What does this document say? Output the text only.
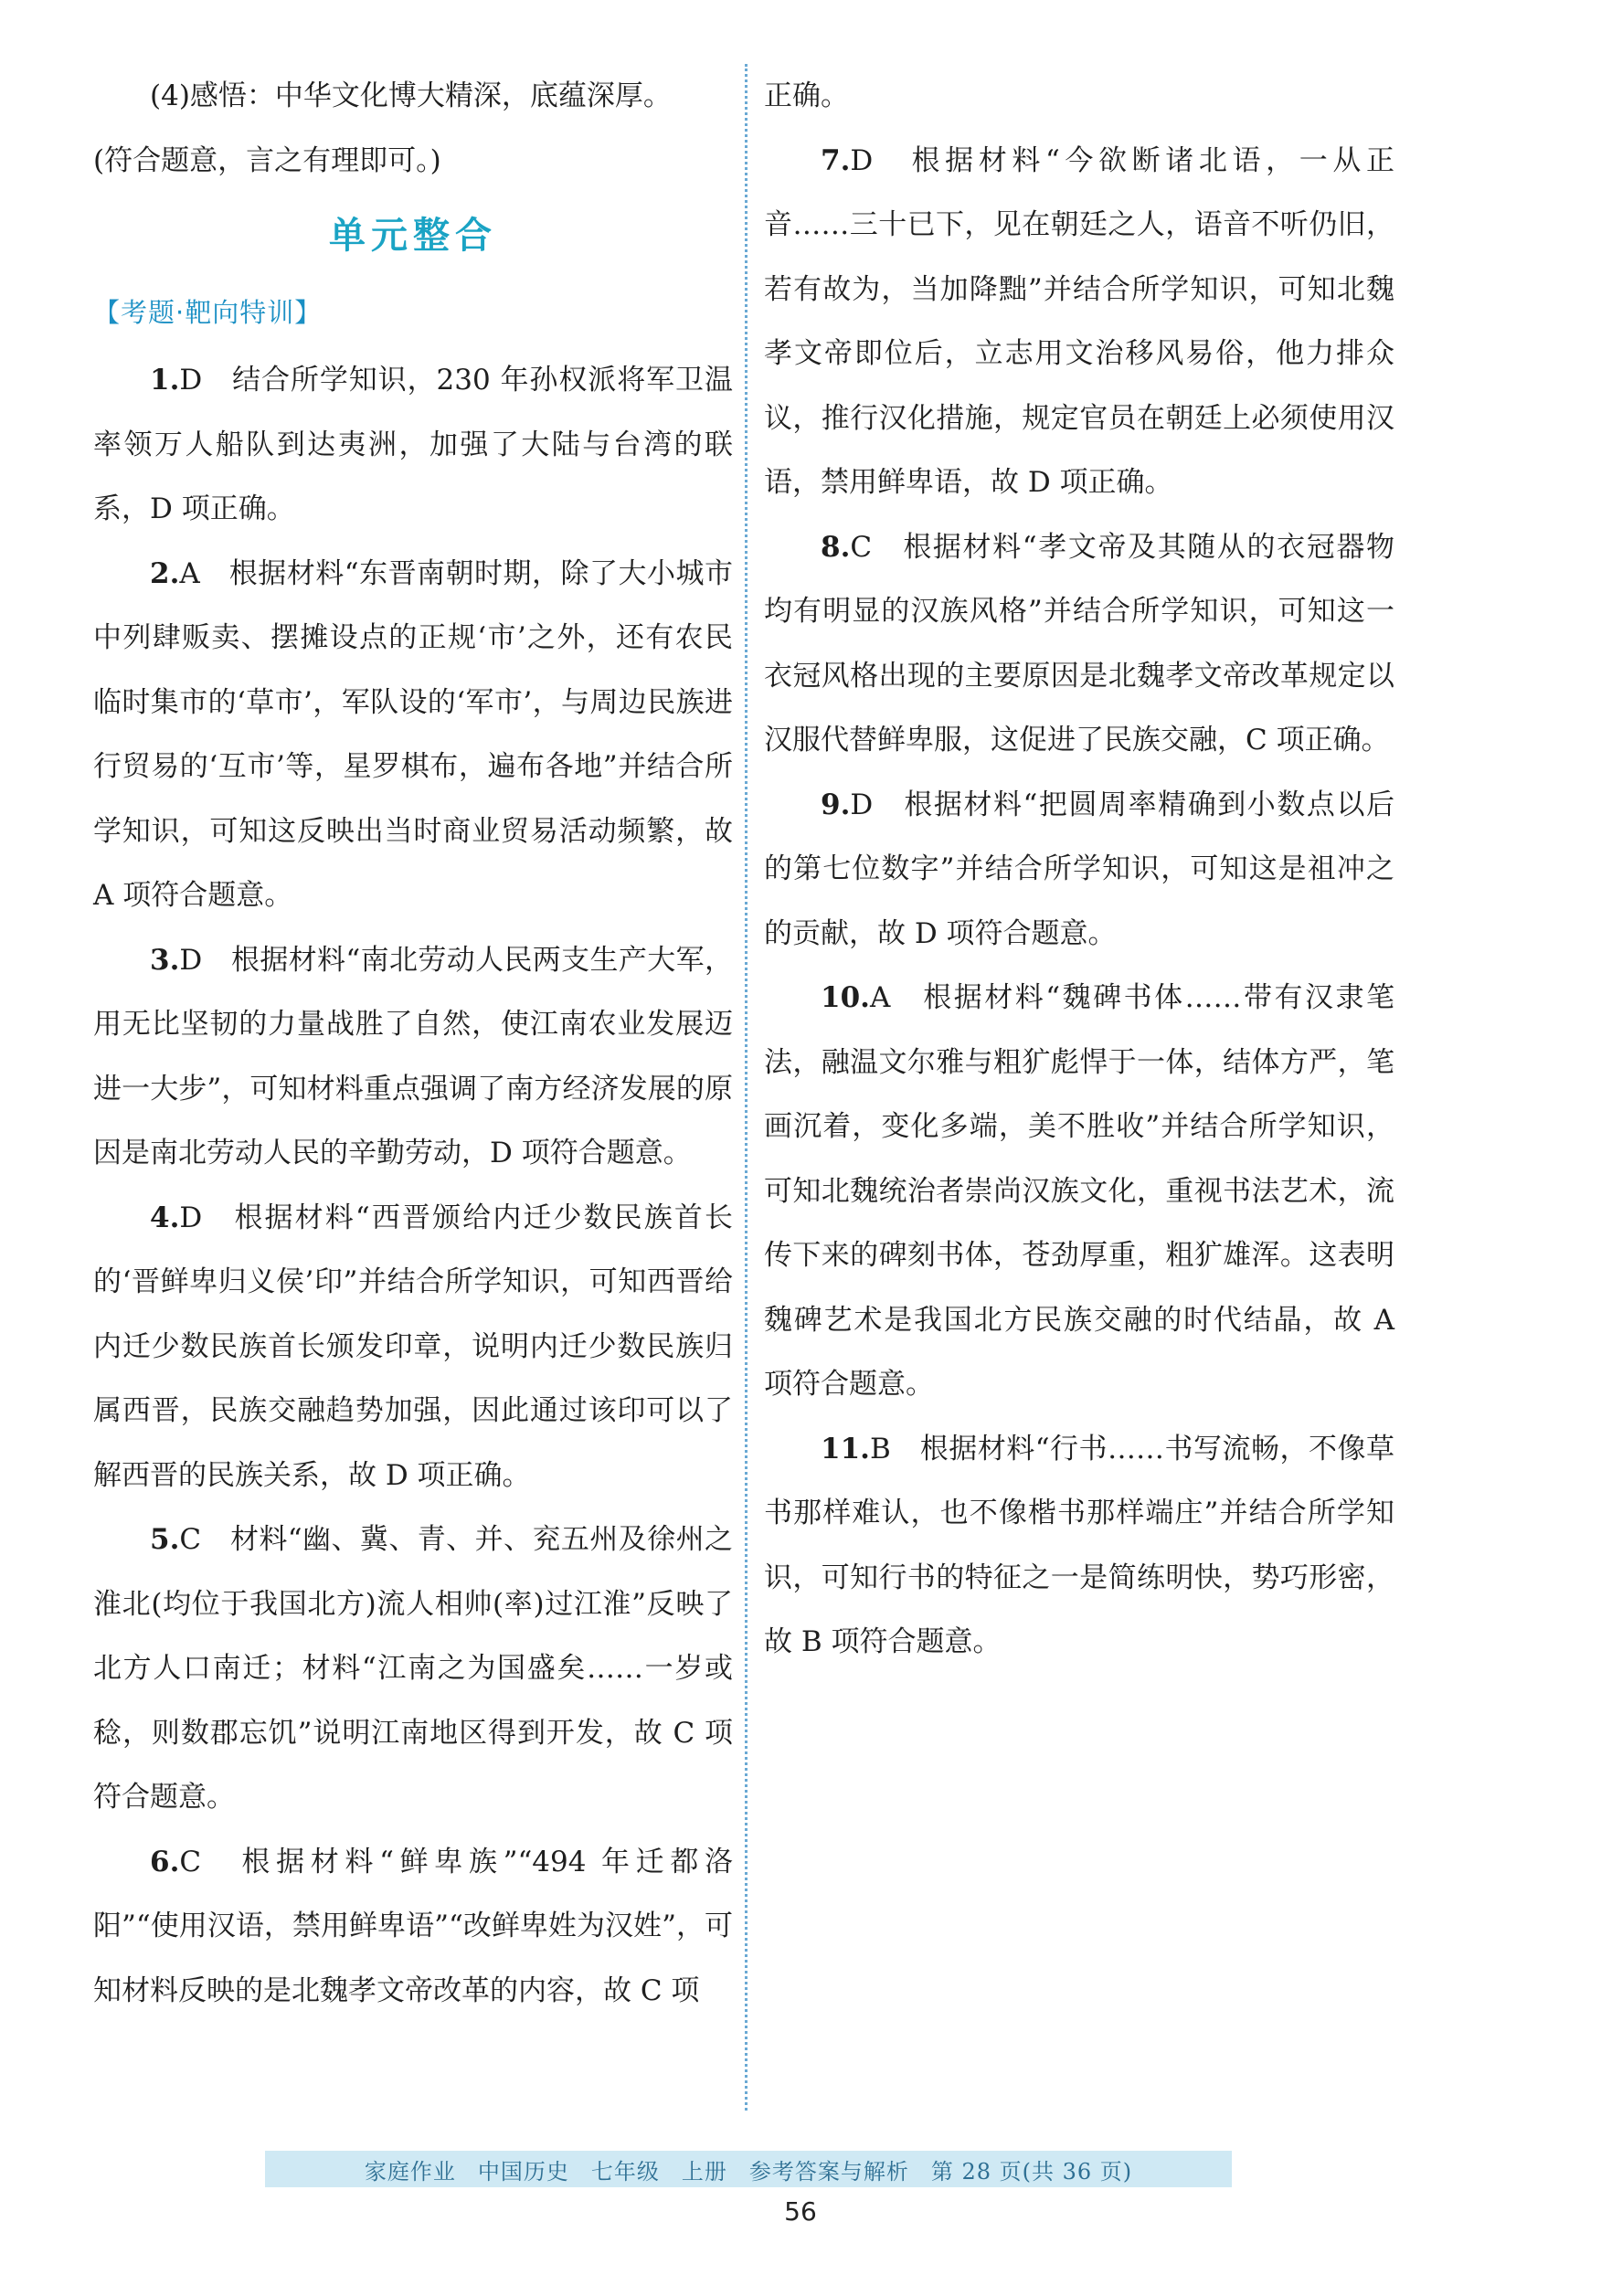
(4)感悟：中华文化博大精深，底蕴深厚。

(符合题意，言之有理即可。)

单元整合
【考题·靶向特训】

1.D　结合所学知识，230 年孙权派将军卫温率领万人船队到达夷洲，加强了大陆与台湾的联系，D 项正确。

2.A　根据材料“东晋南朝时期，除了大小城市中列肆贩卖、摆摊设点的正规‘市’之外，还有农民临时集市的‘草市’，军队设的‘军市’，与周边民族进行贸易的‘互市’等，星罗棋布，遍布各地”并结合所学知识，可知这反映出当时商业贸易活动频繁，故 A 项符合题意。

3.D　根据材料“南北劳动人民两支生产大军，用无比坚韧的力量战胜了自然，使江南农业发展迈进一大步”，可知材料重点强调了南方经济发展的原因是南北劳动人民的辛勤劳动，D 项符合题意。

4.D　根据材料“西晋颁给内迁少数民族首长的‘晋鲜卑归义侯’印”并结合所学知识，可知西晋给内迁少数民族首长颁发印章，说明内迁少数民族归属西晋，民族交融趋势加强，因此通过该印可以了解西晋的民族关系，故 D 项正确。

5.C　材料“幽、冀、青、并、兖五州及徐州之淮北(均位于我国北方)流人相帅(率)过江淮”反映了北方人口南迁；材料“江南之为国盛矣……一岁或稔，则数郡忘饥”说明江南地区得到开发，故 C 项符合题意。

6.C　根据材料“鲜卑族”“494 年迁都洛阳”“使用汉语，禁用鲜卑语”“改鲜卑姓为汉姓”，可知材料反映的是北魏孝文帝改革的内容，故 C 项

正确。

7.D　根据材料“今欲断诸北语，一从正音……三十已下，见在朝廷之人，语音不听仍旧，若有故为，当加降黜”并结合所学知识，可知北魏孝文帝即位后，立志用文治移风易俗，他力排众议，推行汉化措施，规定官员在朝廷上必须使用汉语，禁用鲜卑语，故 D 项正确。

8.C　根据材料“孝文帝及其随从的衣冠器物均有明显的汉族风格”并结合所学知识，可知这一衣冠风格出现的主要原因是北魏孝文帝改革规定以汉服代替鲜卑服，这促进了民族交融，C 项正确。

9.D　根据材料“把圆周率精确到小数点以后的第七位数字”并结合所学知识，可知这是祖冲之的贡献，故 D 项符合题意。

10.A　根据材料“魏碑书体……带有汉隶笔法，融温文尔雅与粗犷彪悍于一体，结体方严，笔画沉着，变化多端，美不胜收”并结合所学知识，可知北魏统治者崇尚汉族文化，重视书法艺术，流传下来的碑刻书体，苍劲厚重，粗犷雄浑。这表明魏碑艺术是我国北方民族交融的时代结晶，故 A 项符合题意。

11.B　根据材料“行书……书写流畅，不像草书那样难认，也不像楷书那样端庄”并结合所学知识，可知行书的特征之一是简练明快，势巧形密，故 B 项符合题意。

家庭作业 中国历史 七年级 上册 参考答案与解析 第 28 页(共 36 页)
56
